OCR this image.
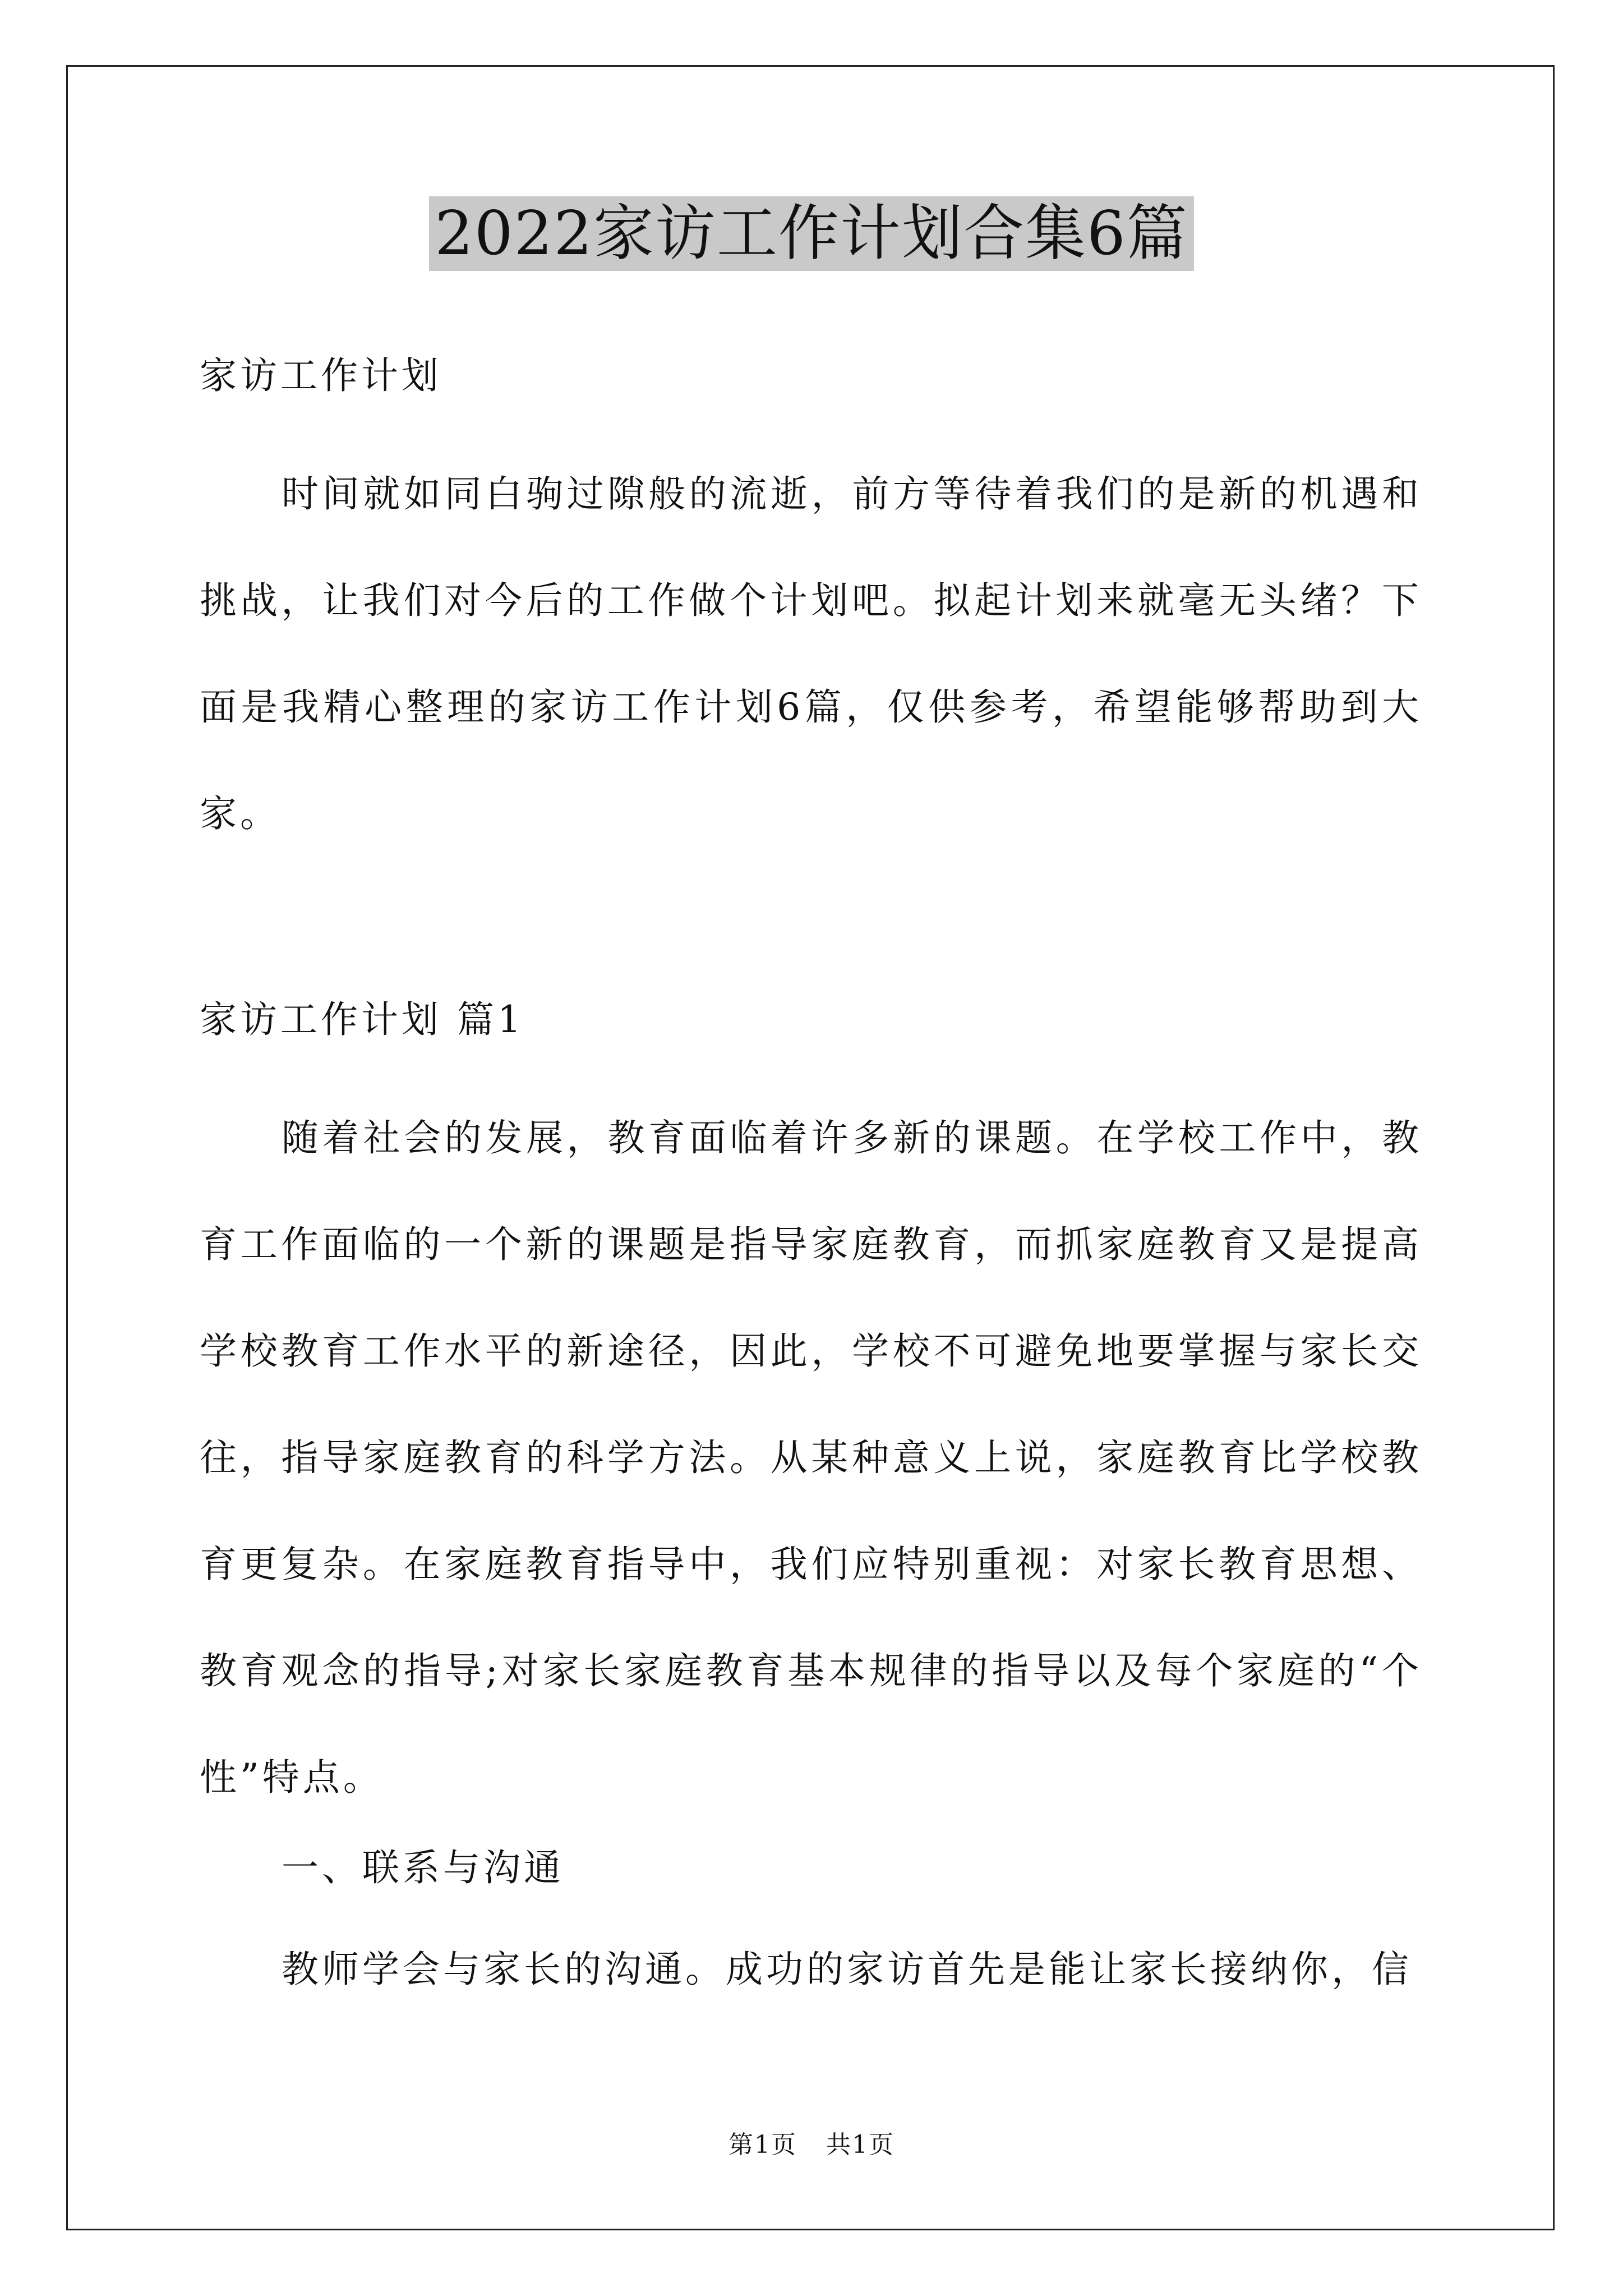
2022家访工作计划合集6篇

家访工作计划

时间就如同白驹过隙般的流逝，前方等待着我们的是新的机遇和挑战，让我们对今后的工作做个计划吧。拟起计划来就毫无头绪？下面是我精心整理的家访工作计划6篇，仅供参考，希望能够帮助到大家。

家访工作计划 篇1

随着社会的发展，教育面临着许多新的课题。在学校工作中，教育工作面临的一个新的课题是指导家庭教育，而抓家庭教育又是提高学校教育工作水平的新途径，因此，学校不可避免地要掌握与家长交往，指导家庭教育的科学方法。从某种意义上说，家庭教育比学校教育更复杂。在家庭教育指导中，我们应特别重视：对家长教育思想、教育观念的指导;对家长家庭教育基本规律的指导以及每个家庭的“个性”特点。

一、联系与沟通

教师学会与家长的沟通。成功的家访首先是能让家长接纳你，信

第1页 共1页
